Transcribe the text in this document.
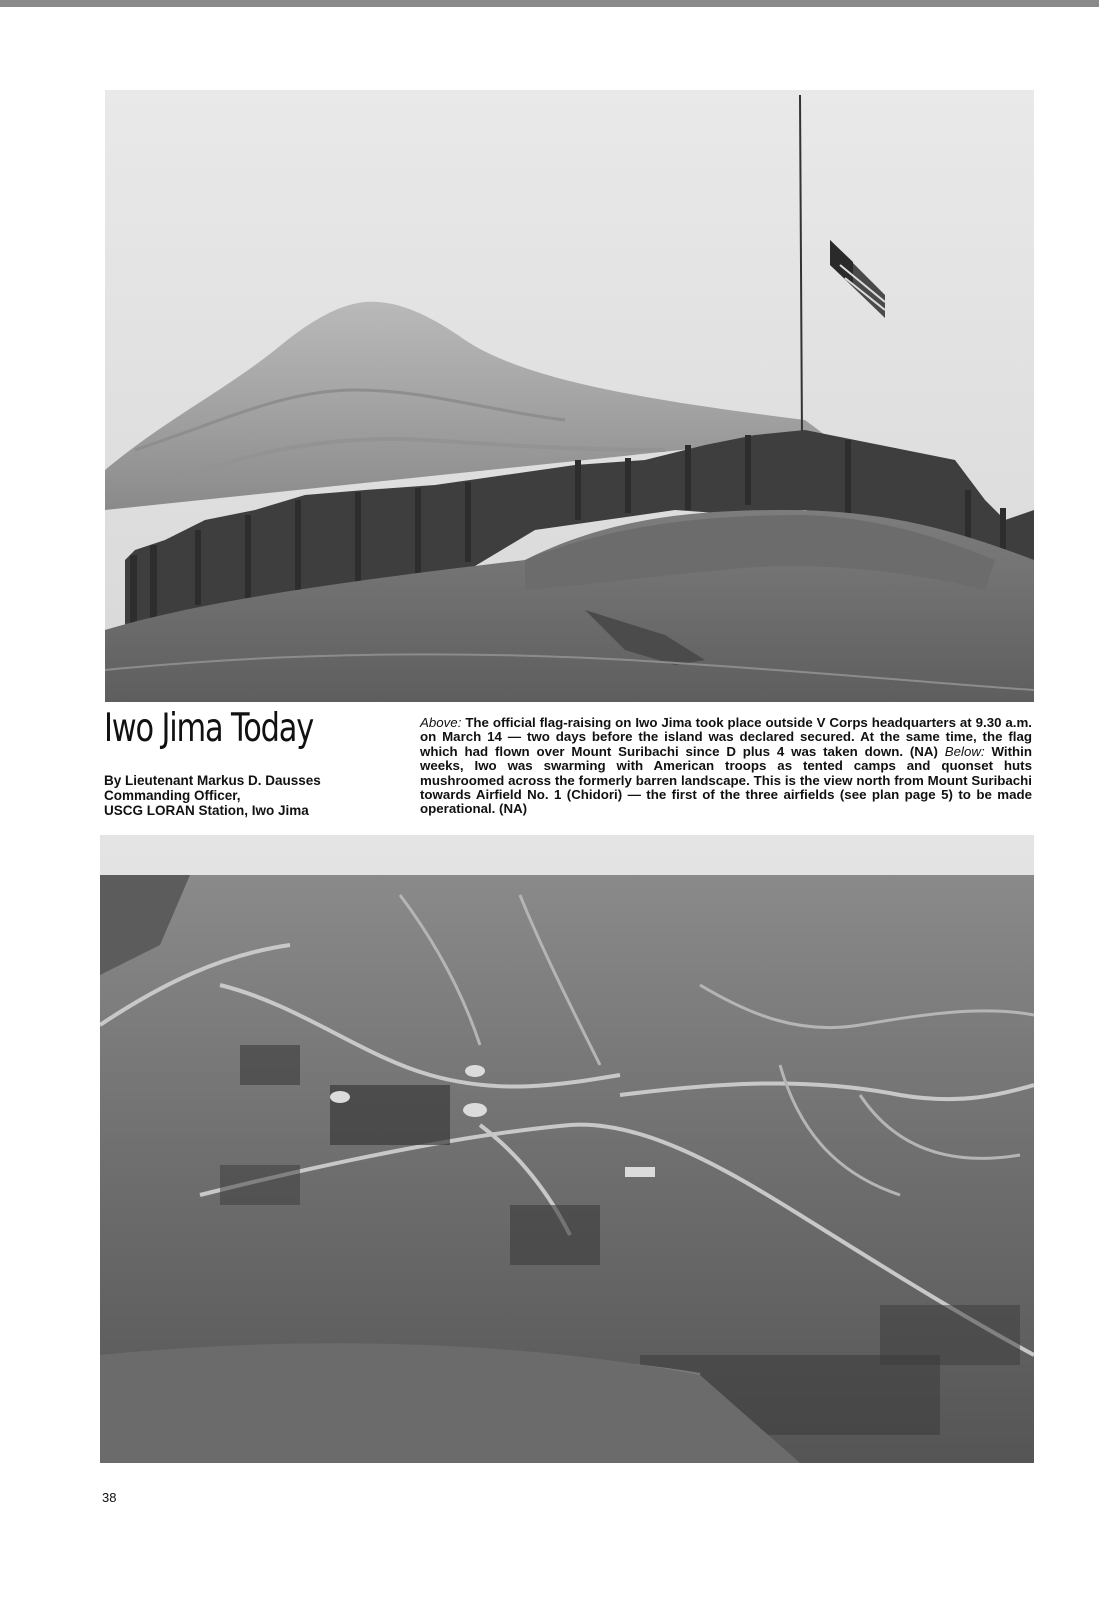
Iwo Jima Today
By Lieutenant Markus D. Dausses
Commanding Officer,
USCG LORAN Station, Iwo Jima
Above: The official flag-raising on Iwo Jima took place outside V Corps headquarters at 9.30 a.m. on March 14 — two days before the island was declared secured. At the same time, the flag which had flown over Mount Suribachi since D plus 4 was taken down. (NA) Below: Within weeks, Iwo was swarming with American troops as tented camps and quonset huts mushroomed across the formerly barren landscape. This is the view north from Mount Suribachi towards Airfield No. 1 (Chidori) — the first of the three airfields (see plan page 5) to be made operational. (NA)
38
